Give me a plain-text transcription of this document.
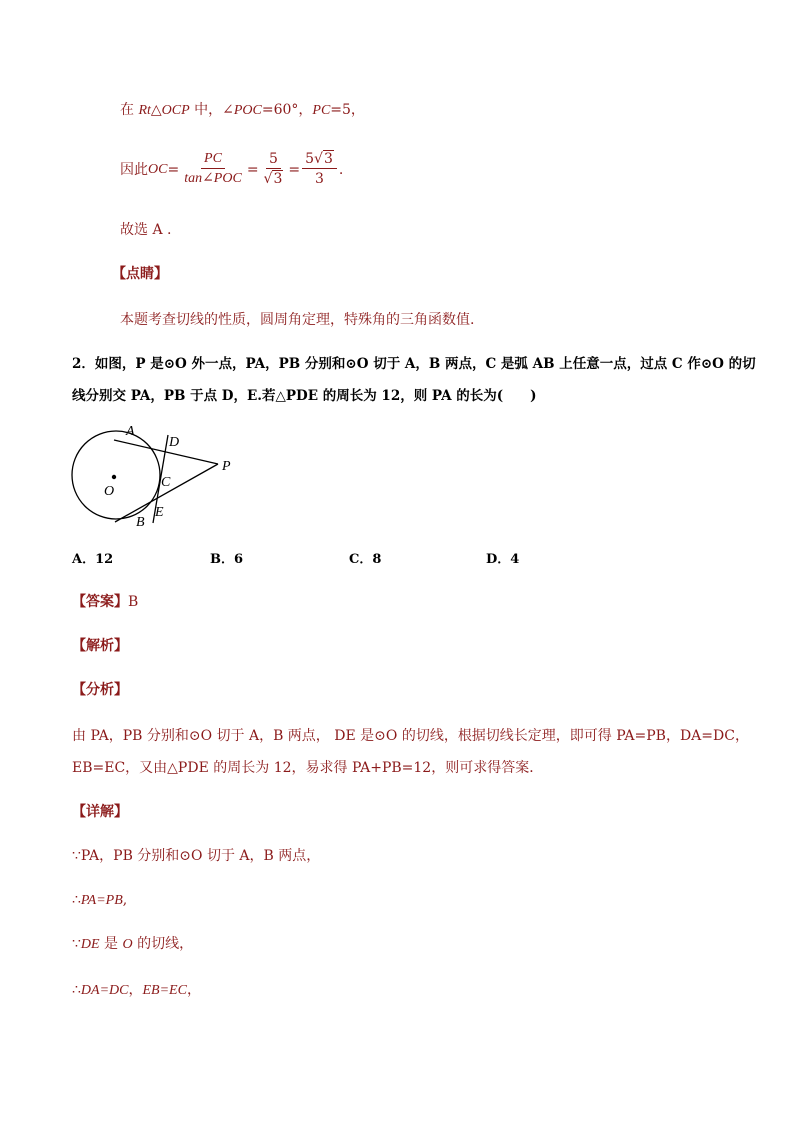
在 Rt△OCP 中，∠POC=60°，PC=5，
因此 OC = $\frac{PC}{\text{tan∠POC}} = \frac{5}{√3} = \frac{5√3}{3}$ .
故选 A .
【点睛】
本题考查切线的性质，圆周角定理，特殊角的三角函数值.
2．如图，P 是⊙O 外一点，PA，PB 分别和⊙O 切于 A，B 两点，C 是弧 AB 上任意一点，过点 C 作⊙O 的切
线分别交 PA，PB 于点 D，E.若△PDE 的周长为 12，则 PA 的长为(　　)
A
D
P
C
O
E
B
A．12	B．6	C．8	D．4
【答案】B
【解析】
【分析】
由 PA，PB 分别和⊙O 切于 A，B 两点， DE 是⊙O 的切线，根据切线长定理，即可得 PA=PB，DA=DC，
EB=EC，又由△PDE 的周长为 12，易求得 PA+PB=12，则可求得答案．
【详解】
∵PA，PB 分别和⊙O 切于 A，B 两点，
∴PA=PB,
∵DE 是 O 的切线，
∴DA=DC，EB=EC，
